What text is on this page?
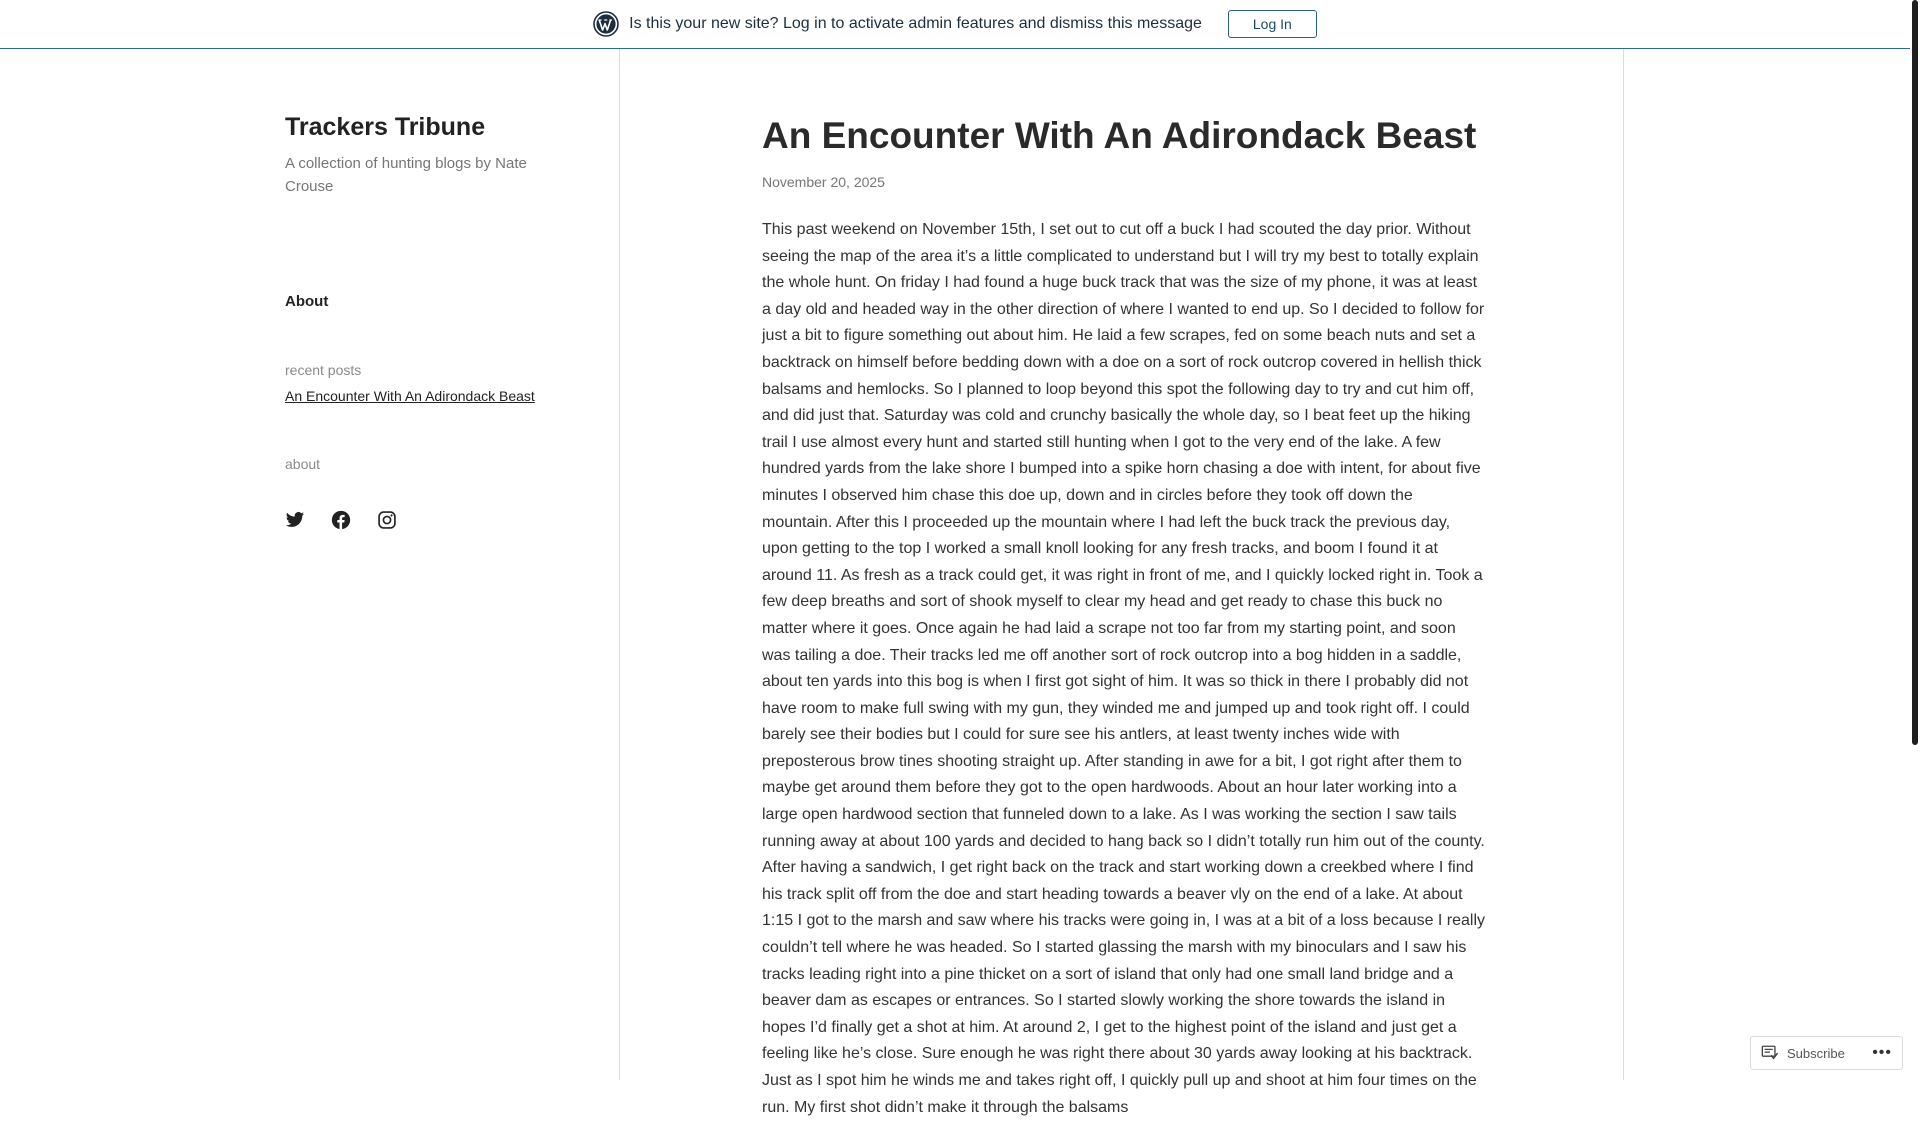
Is this your new site? Log in to activate admin features and dismiss this message	Log In
Trackers Tribune
A collection of hunting blogs by Nate Crouse
About
recent posts
An Encounter With An Adirondack Beast
about
An Encounter With An Adirondack Beast
November 20, 2025

This past weekend on November 15th, I set out to cut off a buck I had scouted the day prior. Without seeing the map of the area it’s a little complicated to understand but I will try my best to totally explain the whole hunt. On friday I had found a huge buck track that was the size of my phone, it was at least a day old and headed way in the other direction of where I wanted to end up. So I decided to follow for just a bit to figure something out about him. He laid a few scrapes, fed on some beach nuts and set a backtrack on himself before bedding down with a doe on a sort of rock outcrop covered in hellish thick balsams and hemlocks. So I planned to loop beyond this spot the following day to try and cut him off, and did just that. Saturday was cold and crunchy basically the whole day, so I beat feet up the hiking trail I use almost every hunt and started still hunting when I got to the very end of the lake. A few hundred yards from the lake shore I bumped into a spike horn chasing a doe with intent, for about five minutes I observed him chase this doe up, down and in circles before they took off down the mountain. After this I proceeded up the mountain where I had left the buck track the previous day, upon getting to the top I worked a small knoll looking for any fresh tracks, and boom I found it at around 11. As fresh as a track could get, it was right in front of me, and I quickly locked right in. Took a few deep breaths and sort of shook myself to clear my head and get ready to chase this buck no matter where it goes. Once again he had laid a scrape not too far from my starting point, and soon was tailing a doe. Their tracks led me off another sort of rock outcrop into a bog hidden in a saddle, about ten yards into this bog is when I first got sight of him. It was so thick in there I probably did not have room to make full swing with my gun, they winded me and jumped up and took right off. I could barely see their bodies but I could for sure see his antlers, at least twenty inches wide with preposterous brow tines shooting straight up. After standing in awe for a bit, I got right after them to maybe get around them before they got to the open hardwoods. About an hour later working into a large open hardwood section that funneled down to a lake. As I was working the section I saw tails running away at about 100 yards and decided to hang back so I didn’t totally run him out of the county. After having a sandwich, I get right back on the track and start working down a creekbed where I find his track split off from the doe and start heading towards a beaver vly on the end of a lake. At about 1:15 I got to the marsh and saw where his tracks were going in, I was at a bit of a loss because I really couldn’t tell where he was headed. So I started glassing the marsh with my binoculars and I saw his tracks leading right into a pine thicket on a sort of island that only had one small land bridge and a beaver dam as escapes or entrances. So I started slowly working the shore towards the island in hopes I’d finally get a shot at him. At around 2, I get to the highest point of the island and just get a feeling like he’s close. Sure enough he was right there about 30 yards away looking at his backtrack. Just as I spot him he winds me and takes right off, I quickly pull up and shoot at him four times on the run. My first shot didn’t make it through the balsams

Subscribe •••
